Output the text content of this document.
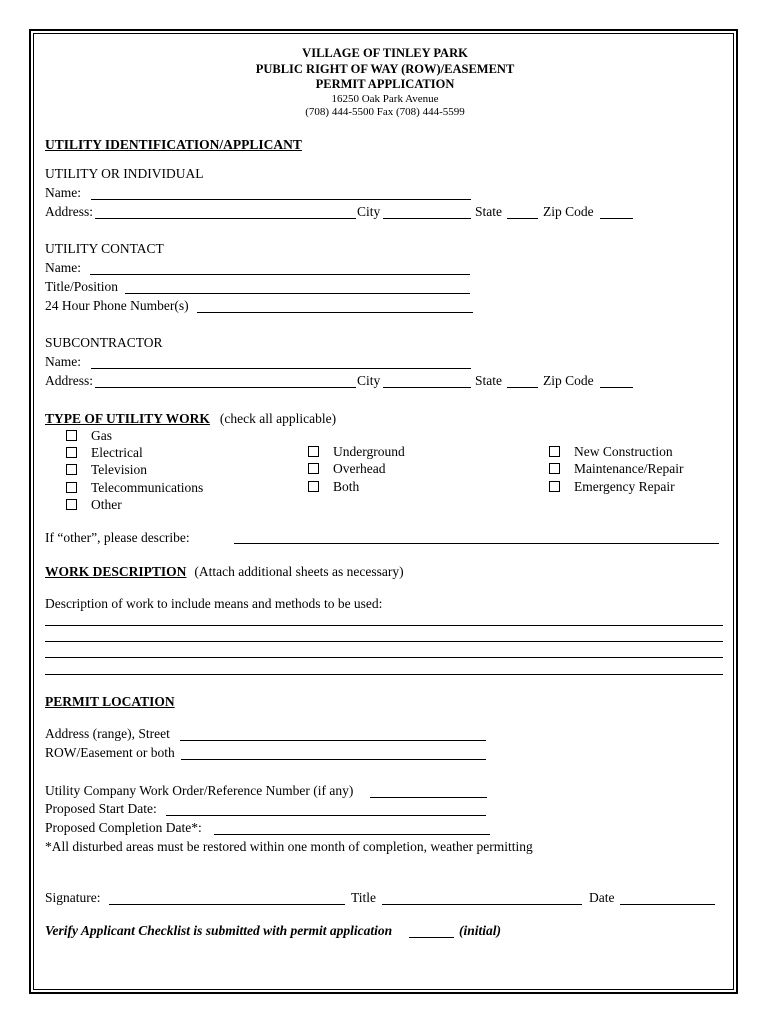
VILLAGE OF TINLEY PARK
PUBLIC RIGHT OF WAY (ROW)/EASEMENT
PERMIT APPLICATION
16250 Oak Park Avenue
(708) 444-5500 Fax (708) 444-5599
UTILITY IDENTIFICATION/APPLICANT
UTILITY OR INDIVIDUAL
Name:
Address:	City	State	Zip Code
UTILITY CONTACT
Name:
Title/Position
24 Hour Phone Number(s)
SUBCONTRACTOR
Name:
Address:	City	State	Zip Code
TYPE OF UTILITY WORK (check all applicable)
Gas
Electrical
Television
Telecommunications
Other
Underground
Overhead
Both
New Construction
Maintenance/Repair
Emergency Repair
If “other”, please describe:
WORK DESCRIPTION (Attach additional sheets as necessary)
Description of work to include means and methods to be used:
PERMIT LOCATION
Address (range), Street
ROW/Easement or both
Utility Company Work Order/Reference Number (if any)
Proposed Start Date:
Proposed Completion Date*:
*All disturbed areas must be restored within one month of completion, weather permitting
Signature:	Title	Date
Verify Applicant Checklist is submitted with permit application	(initial)
